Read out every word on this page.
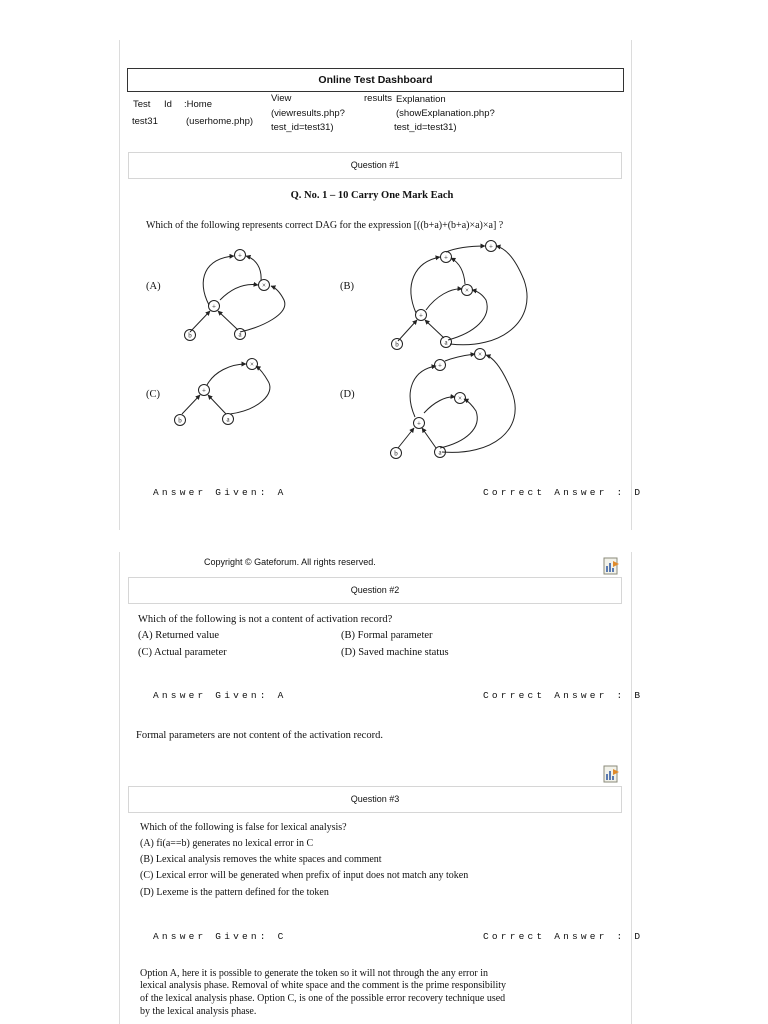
Online Test Dashboard
Test Id :Home
View	results Explanation
test31	(userhome.php)
(viewresults.php?	(showExplanation.php?
test_id=test31)	test_id=test31)
Question #1
Q. No. 1 – 10 Carry One Mark Each
Which of the following represents correct DAG for the expression [((b+a)+(b+a)×a)×a] ?
(A)	(B)
(C)	(D)
+
×
+
b	a
+
+
×
+
b	a
×
+
b	a
×
+
×
+
b	a
Answer Given: A	Correct Answer : D
Copyright © Gateforum. All rights reserved.
Question #2
Which of the following is not a content of activation record?
(A) Returned value	(B) Formal parameter
(C) Actual parameter	(D) Saved machine status
Answer Given: A	Correct Answer : B
Formal parameters are not content of the activation record.
Question #3
Which of the following is false for lexical analysis?
(A) fi(a==b) generates no lexical error in C
(B) Lexical analysis removes the white spaces and comment
(C) Lexical error will be generated when prefix of input does not match any token
(D) Lexeme is the pattern defined for the token
Answer Given: C	Correct Answer : D
Option A, here it is possible to generate the token so it will not through the any error in
lexical analysis phase. Removal of white space and the comment is the prime responsibility
of the lexical analysis phase. Option C, is one of the possible error recovery technique used
by the lexical analysis phase.
